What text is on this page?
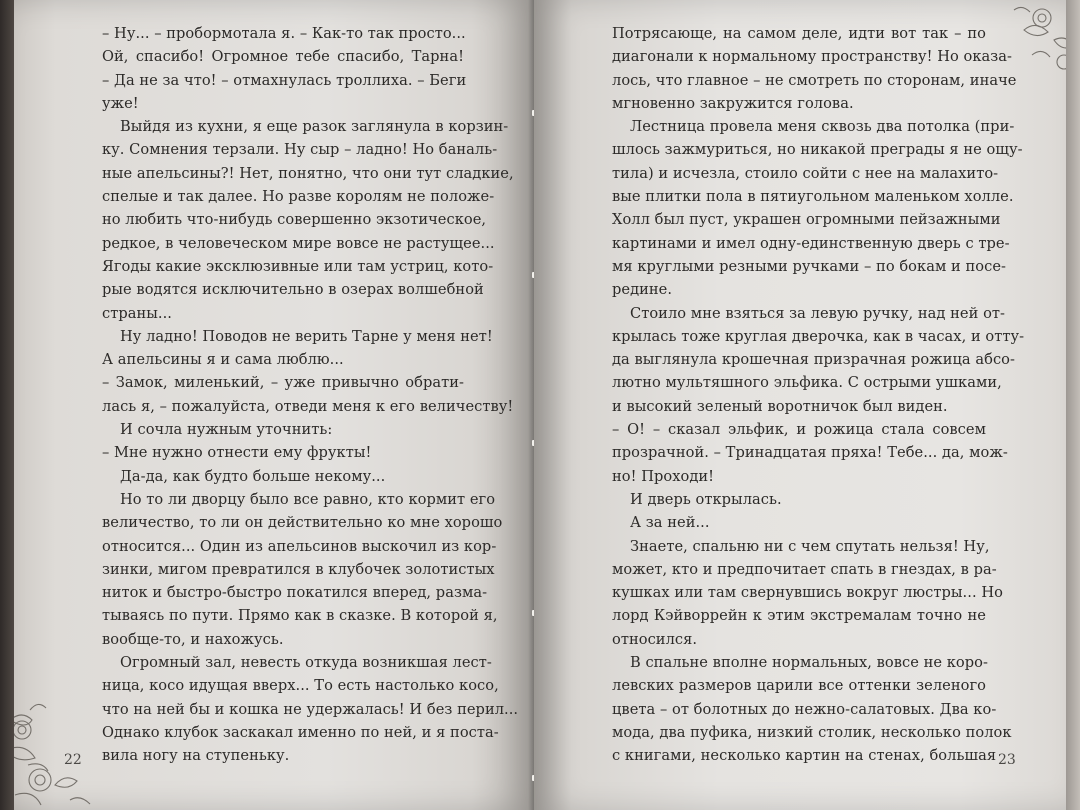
22	23
– Ну... – пробормотала я. – Как-то так просто...
Ой, спасибо! Огромное тебе спасибо, Тарна!
– Да не за что! – отмахнулась троллиха. – Беги
уже!
Выйдя из кухни, я еще разок заглянула в корзин-
ку. Сомнения терзали. Ну сыр – ладно! Но баналь-
ные апельсины?! Нет, понятно, что они тут сладкие,
спелые и так далее. Но разве королям не положе-
но любить что-нибудь совершенно экзотическое,
редкое, в человеческом мире вовсе не растущее...
Ягоды какие эксклюзивные или там устриц, кото-
рые водятся исключительно в озерах волшебной
страны...
Ну ладно! Поводов не верить Тарне у меня нет!
А апельсины я и сама люблю...
– Замок, миленький, – уже привычно обрати-
лась я, – пожалуйста, отведи меня к его величеству!
И сочла нужным уточнить:
– Мне нужно отнести ему фрукты!
Да-да, как будто больше некому...
Но то ли дворцу было все равно, кто кормит его
величество, то ли он действительно ко мне хорошо
относится... Один из апельсинов выскочил из кор-
зинки, мигом превратился в клубочек золотистых
ниток и быстро-быстро покатился вперед, разма-
тываясь по пути. Прямо как в сказке. В которой я,
вообще-то, и нахожусь.
Огромный зал, невесть откуда возникшая лест-
ница, косо идущая вверх... То есть настолько косо,
что на ней бы и кошка не удержалась! И без перил...
Однако клубок заскакал именно по ней, и я поста-
вила ногу на ступеньку.
Потрясающе, на самом деле, идти вот так – по
диагонали к нормальному пространству! Но оказа-
лось, что главное – не смотреть по сторонам, иначе
мгновенно закружится голова.
Лестница провела меня сквозь два потолка (при-
шлось зажмуриться, но никакой преграды я не ощу-
тила) и исчезла, стоило сойти с нее на малахито-
вые плитки пола в пятиугольном маленьком холле.
Холл был пуст, украшен огромными пейзажными
картинами и имел одну-единственную дверь с тре-
мя круглыми резными ручками – по бокам и посе-
редине.
Стоило мне взяться за левую ручку, над ней от-
крылась тоже круглая дверочка, как в часах, и отту-
да выглянула крошечная призрачная рожица абсо-
лютно мультяшного эльфика. С острыми ушками,
и высокий зеленый воротничок был виден.
– О! – сказал эльфик, и рожица стала совсем
прозрачной. – Тринадцатая пряха! Тебе... да, мож-
но! Проходи!
И дверь открылась.
А за ней...
Знаете, спальню ни с чем спутать нельзя! Ну,
может, кто и предпочитает спать в гнездах, в ра-
кушках или там свернувшись вокруг люстры... Но
лорд Кэйворрейн к этим экстремалам точно не
относился.
В спальне вполне нормальных, вовсе не коро-
левских размеров царили все оттенки зеленого
цвета – от болотных до нежно-салатовых. Два ко-
мода, два пуфика, низкий столик, несколько полок
с книгами, несколько картин на стенах, большая
